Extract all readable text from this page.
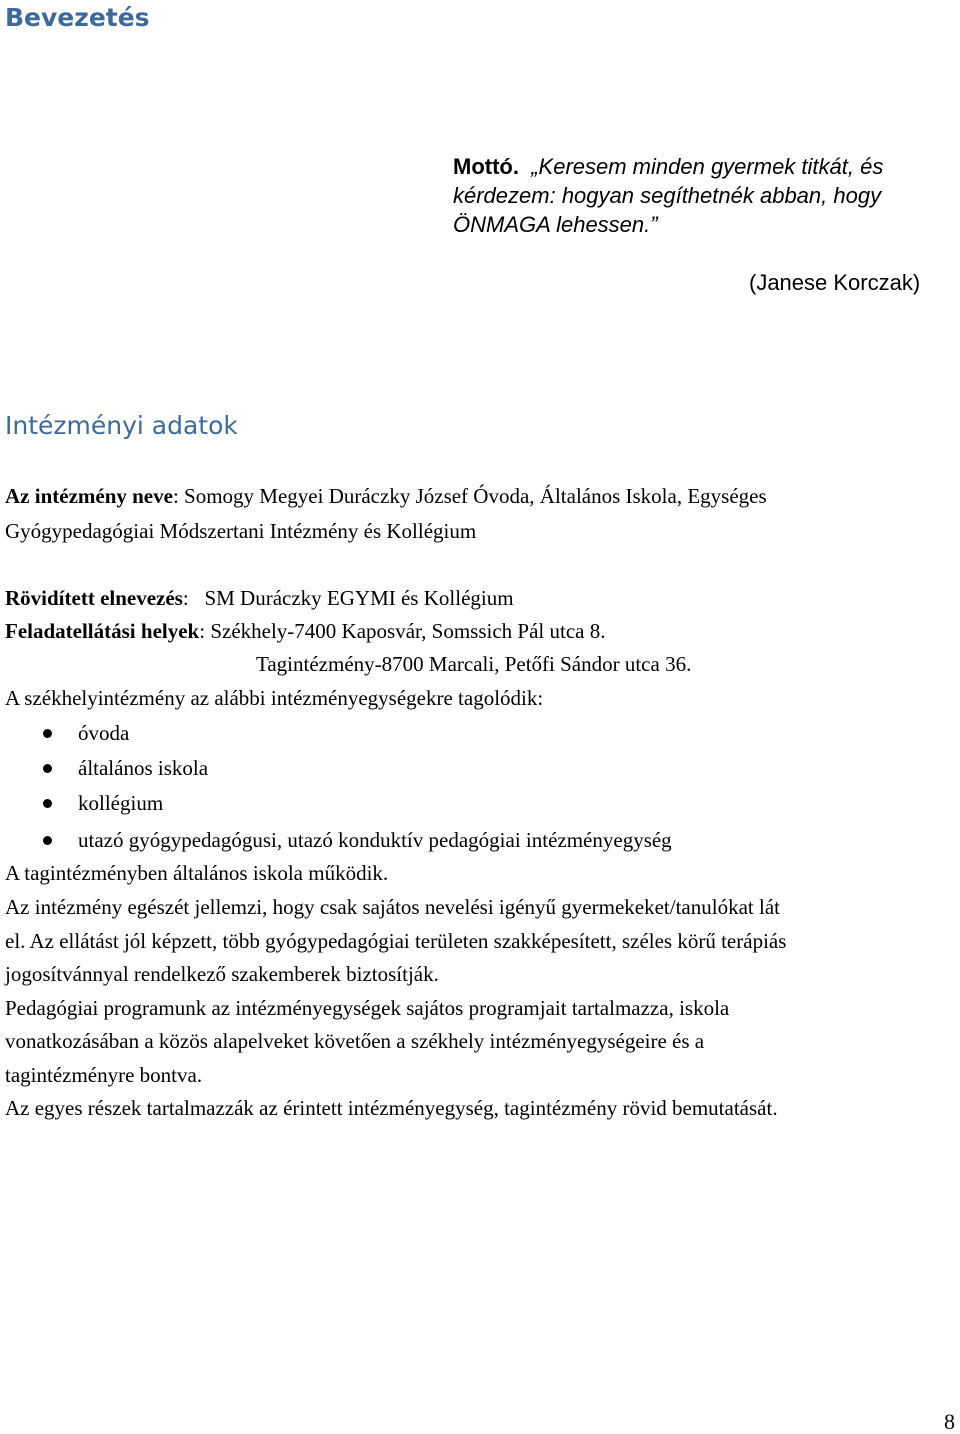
Bevezetés
Mottó. „Keresem minden gyermek titkát, és
kérdezem: hogyan segíthetnék abban, hogy
ÖNMAGA lehessen.”
(Janese Korczak)
Intézményi adatok
Az intézmény neve: Somogy Megyei Duráczky József Óvoda, Általános Iskola, Egységes
Gyógypedagógiai Módszertani Intézmény és Kollégium
Rövidített elnevezés:   SM Duráczky EGYMI és Kollégium
Feladatellátási helyek: Székhely-7400 Kaposvár, Somssich Pál utca 8.
Tagintézmény-8700 Marcali, Petőfi Sándor utca 36.
A székhelyintézmény az alábbi intézményegységekre tagolódik:
óvoda
általános iskola
kollégium
utazó gyógypedagógusi, utazó konduktív pedagógiai intézményegység
A tagintézményben általános iskola működik.
Az intézmény egészét jellemzi, hogy csak sajátos nevelési igényű gyermekeket/tanulókat lát
el. Az ellátást jól képzett, több gyógypedagógiai területen szakképesített, széles körű terápiás
jogosítvánnyal rendelkező szakemberek biztosítják.
Pedagógiai programunk az intézményegységek sajátos programjait tartalmazza, iskola
vonatkozásában a közös alapelveket követően a székhely intézményegységeire és a
tagintézményre bontva.
Az egyes részek tartalmazzák az érintett intézményegység, tagintézmény rövid bemutatását.
8
